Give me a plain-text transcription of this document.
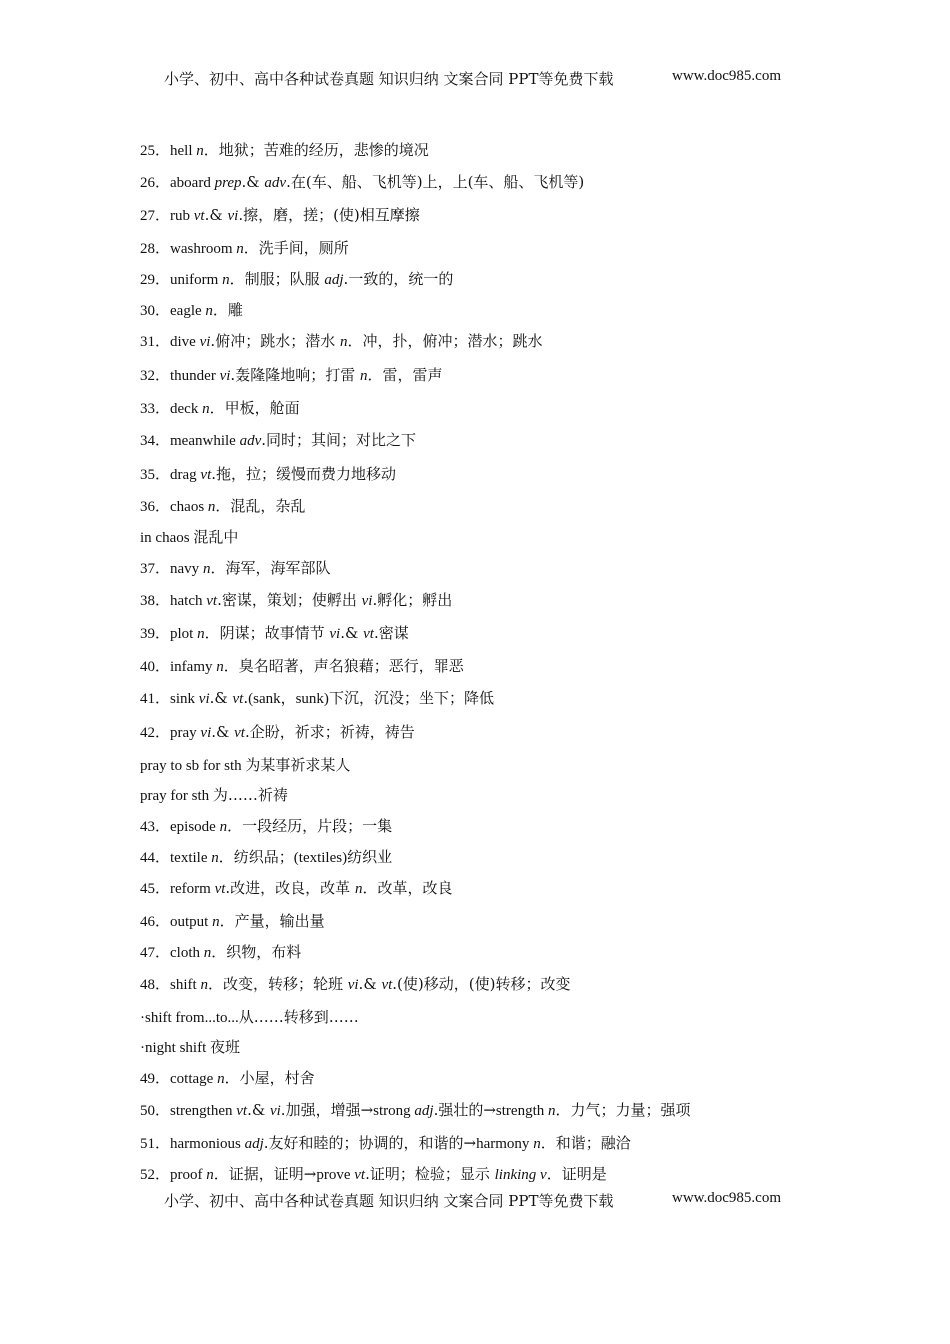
小学、初中、高中各种试卷真题 知识归纳 文案合同 PPT等免费下载	www.doc985.com
25．hell n．地狱；苦难的经历，悲惨的境况
26．aboard prep.& adv.在(车、船、飞机等)上，上(车、船、飞机等)
27．rub vt.& vi.擦，磨，搓；(使)相互摩擦
28．washroom n．洗手间，厕所
29．uniform n．制服；队服 adj.一致的，统一的
30．eagle n．雕
31．dive vi.俯冲；跳水；潜水 n．冲，扑，俯冲；潜水；跳水
32．thunder vi.轰隆隆地响；打雷 n．雷，雷声
33．deck n．甲板，舱面
34．meanwhile adv.同时；其间；对比之下
35．drag vt.拖，拉；缓慢而费力地移动
36．chaos n．混乱，杂乱
in chaos 混乱中
37．navy n．海军，海军部队
38．hatch vt.密谋，策划；使孵出 vi.孵化；孵出
39．plot n．阴谋；故事情节 vi.& vt.密谋
40．infamy n．臭名昭著，声名狼藉；恶行，罪恶
41．sink vi.& vt.(sank，sunk)下沉，沉没；坐下；降低
42．pray vi.& vt.企盼，祈求；祈祷，祷告
pray to sb for sth 为某事祈求某人
pray for sth 为……祈祷
43．episode n．一段经历，片段；一集
44．textile n．纺织品；(textiles)纺织业
45．reform vt.改进，改良，改革 n．改革，改良
46．output n．产量，输出量
47．cloth n．织物，布料
48．shift n．改变，转移；轮班 vi.& vt.(使)移动，(使)转移；改变
·shift from...to...从……转移到……
·night shift 夜班
49．cottage n．小屋，村舍
50．strengthen vt.& vi.加强，增强→strong adj.强壮的→strength n．力气；力量；强项
51．harmonious adj.友好和睦的；协调的，和谐的→harmony n．和谐；融洽
52．proof n．证据，证明→prove vt.证明；检验；显示 linking v．证明是
小学、初中、高中各种试卷真题 知识归纳 文案合同 PPT等免费下载	www.doc985.com
